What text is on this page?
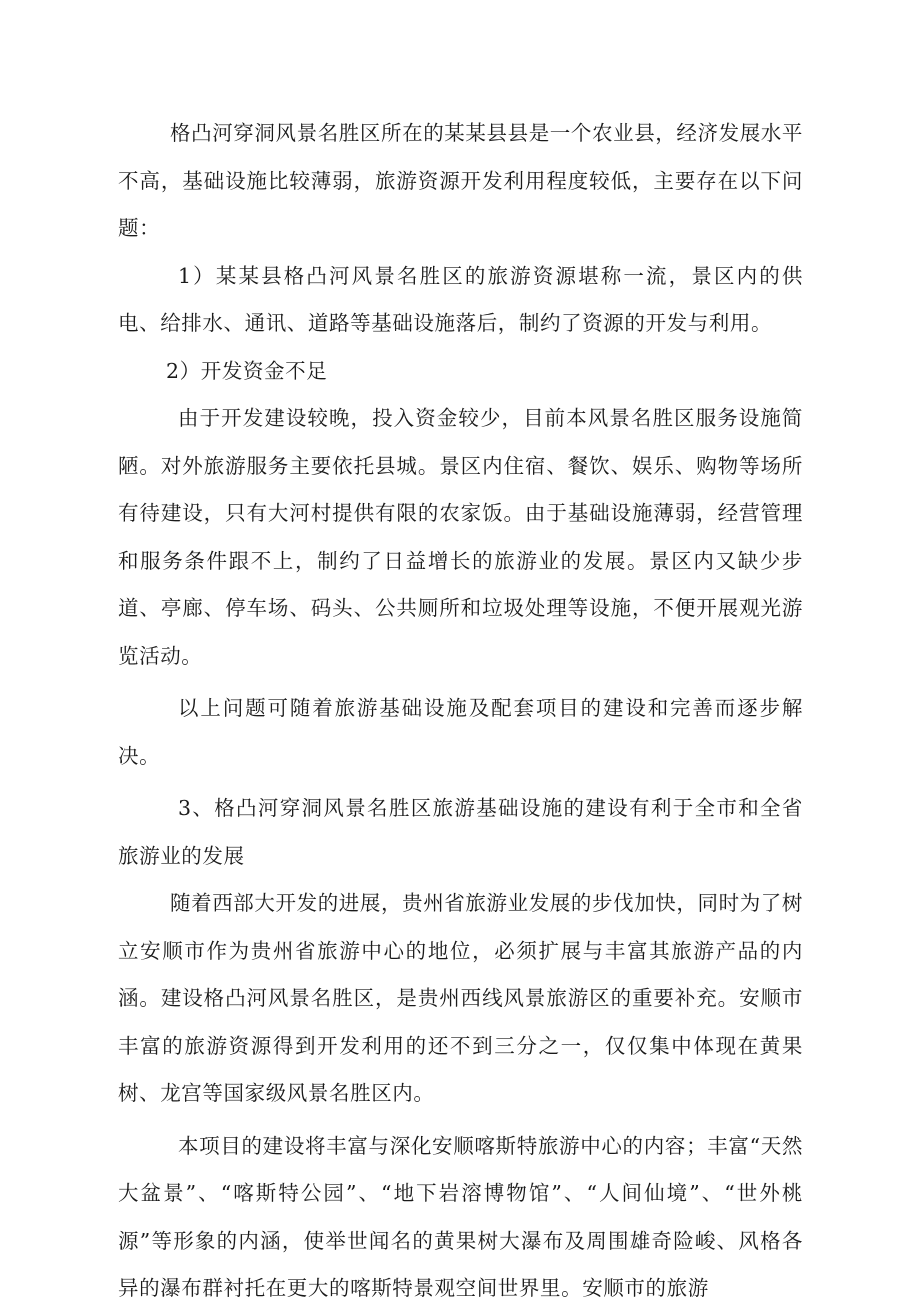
格凸河穿洞风景名胜区所在的某某县县是一个农业县，经济发展水平不高，基础设施比较薄弱，旅游资源开发利用程度较低，主要存在以下问题：

1）某某县格凸河风景名胜区的旅游资源堪称一流，景区内的供电、给排水、通讯、道路等基础设施落后，制约了资源的开发与利用。

2）开发资金不足

由于开发建设较晚，投入资金较少，目前本风景名胜区服务设施简陋。对外旅游服务主要依托县城。景区内住宿、餐饮、娱乐、购物等场所有待建设，只有大河村提供有限的农家饭。由于基础设施薄弱，经营管理和服务条件跟不上，制约了日益增长的旅游业的发展。景区内又缺少步道、亭廊、停车场、码头、公共厕所和垃圾处理等设施，不便开展观光游览活动。

以上问题可随着旅游基础设施及配套项目的建设和完善而逐步解决。

3、格凸河穿洞风景名胜区旅游基础设施的建设有利于全市和全省旅游业的发展

随着西部大开发的进展，贵州省旅游业发展的步伐加快，同时为了树立安顺市作为贵州省旅游中心的地位，必须扩展与丰富其旅游产品的内涵。建设格凸河风景名胜区，是贵州西线风景旅游区的重要补充。安顺市丰富的旅游资源得到开发利用的还不到三分之一，仅仅集中体现在黄果树、龙宫等国家级风景名胜区内。

本项目的建设将丰富与深化安顺喀斯特旅游中心的内容；丰富“天然大盆景”、“喀斯特公园”、“地下岩溶博物馆”、“人间仙境”、“世外桃源”等形象的内涵，使举世闻名的黄果树大瀑布及周围雄奇险峻、风格各异的瀑布群衬托在更大的喀斯特景观空间世界里。安顺市的旅游
